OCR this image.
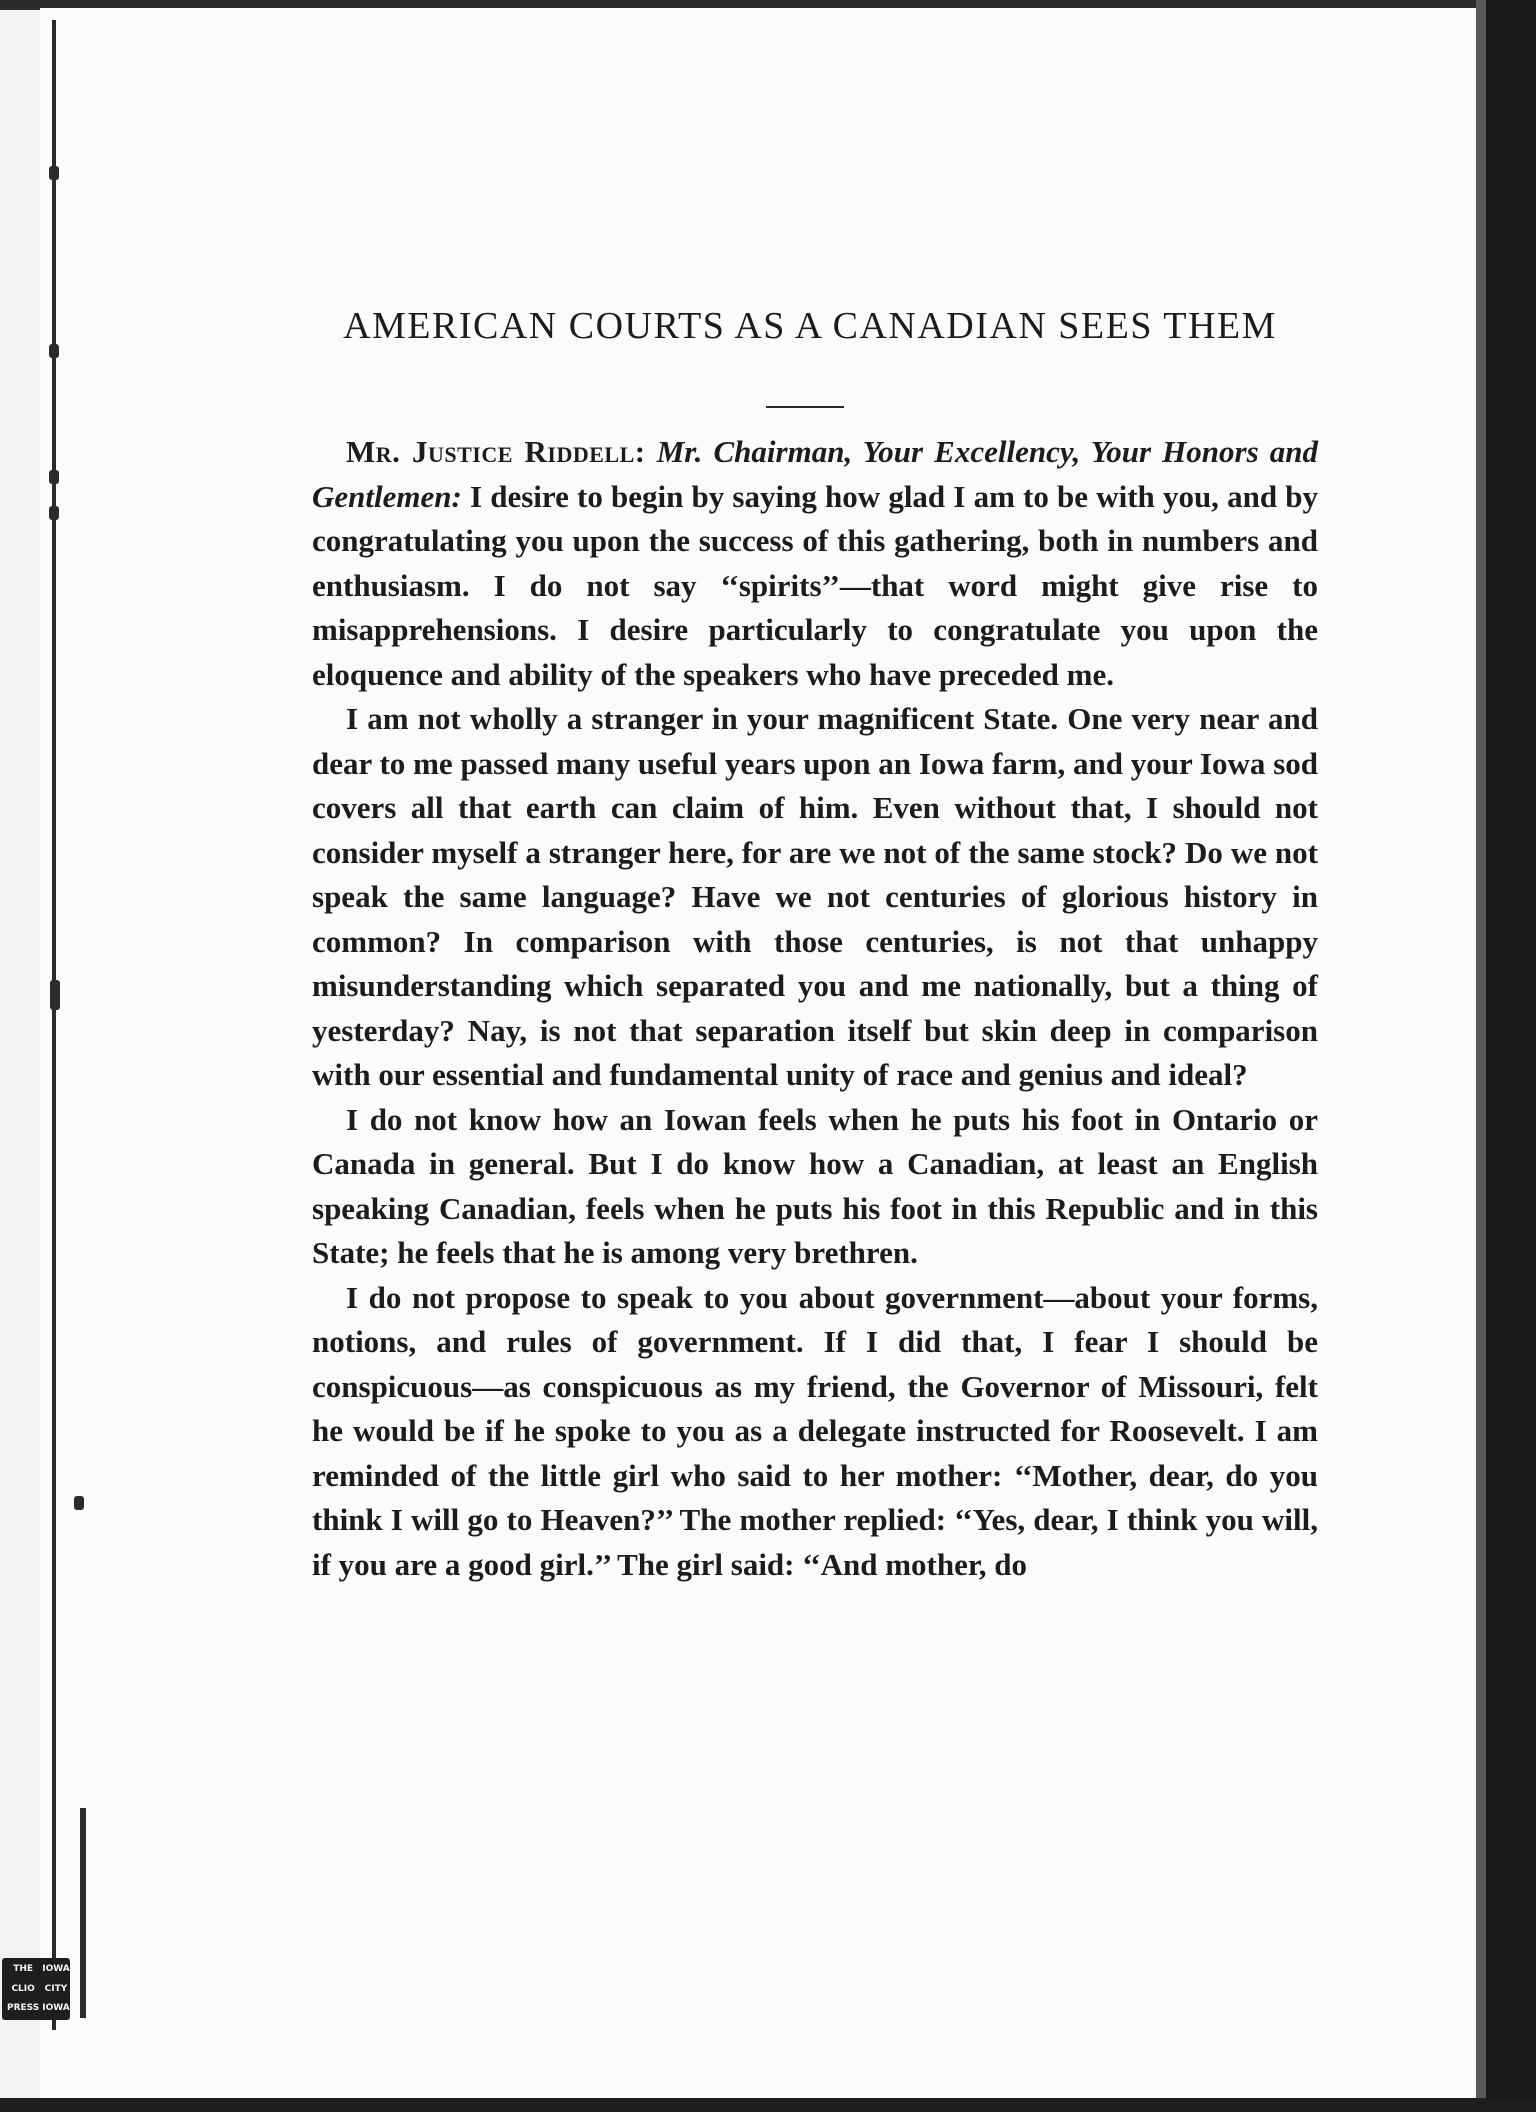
AMERICAN COURTS AS A CANADIAN SEES THEM

Mr. Justice Riddell: Mr. Chairman, Your Excellency, Your Honors and Gentlemen: I desire to begin by saying how glad I am to be with you, and by congratulating you upon the success of this gathering, both in numbers and enthusiasm. I do not say ‘‘spirits’’—that word might give rise to misapprehensions. I desire particularly to congratulate you upon the eloquence and ability of the speakers who have preceded me.

I am not wholly a stranger in your magnificent State. One very near and dear to me passed many useful years upon an Iowa farm, and your Iowa sod covers all that earth can claim of him. Even without that, I should not consider myself a stranger here, for are we not of the same stock? Do we not speak the same language? Have we not centuries of glorious history in common? In comparison with those centuries, is not that unhappy misunderstanding which separated you and me nationally, but a thing of yesterday? Nay, is not that separation itself but skin deep in comparison with our essential and fundamental unity of race and genius and ideal?

I do not know how an Iowan feels when he puts his foot in Ontario or Canada in general. But I do know how a Canadian, at least an English speaking Canadian, feels when he puts his foot in this Republic and in this State; he feels that he is among very brethren.

I do not propose to speak to you about government—about your forms, notions, and rules of government. If I did that, I fear I should be conspicuous—as conspicuous as my friend, the Governor of Missouri, felt he would be if he spoke to you as a delegate instructed for Roosevelt. I am reminded of the little girl who said to her mother: ‘‘Mother, dear, do you think I will go to Heaven?’’ The mother replied: ‘‘Yes, dear, I think you will, if you are a good girl.’’ The girl said: ‘‘And mother, do

THE
CLIO
PRESS
IOWA
CITY
IOWA
